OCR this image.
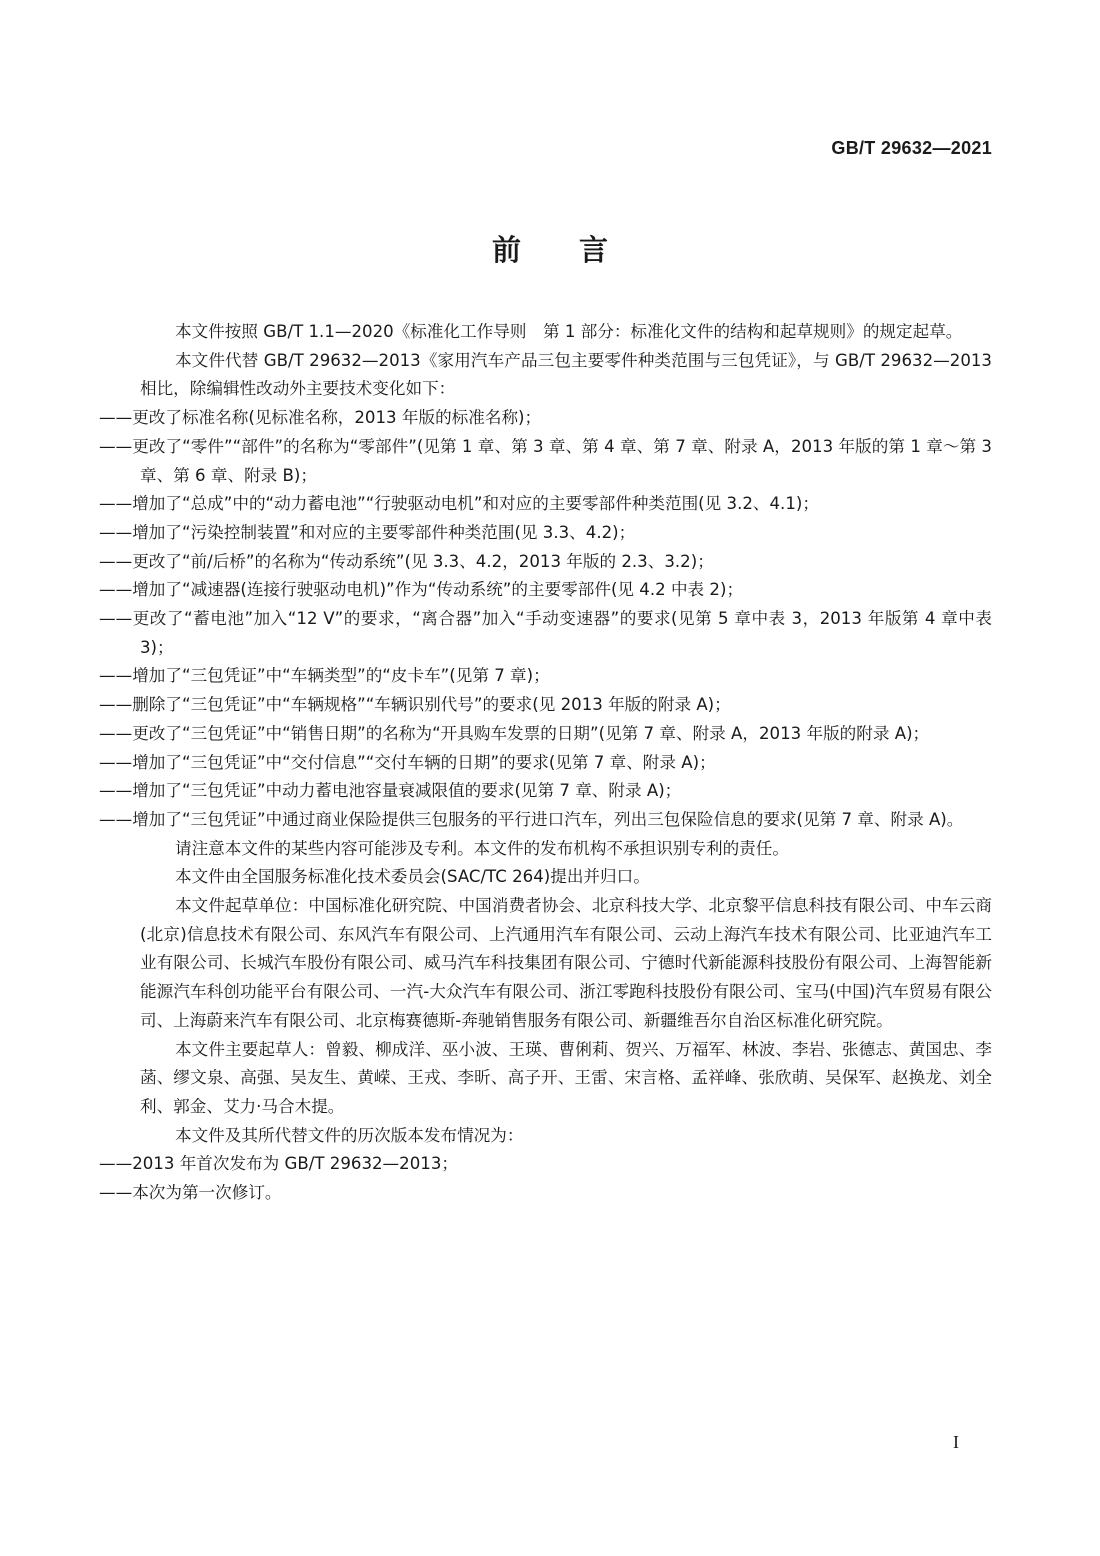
GB/T 29632—2021
前言

本文件按照 GB/T 1.1—2020《标准化工作导则　第 1 部分：标准化文件的结构和起草规则》的规定起草。

本文件代替 GB/T 29632—2013《家用汽车产品三包主要零件种类范围与三包凭证》，与 GB/T 29632—2013 相比，除编辑性改动外主要技术变化如下：

——更改了标准名称(见标准名称，2013 年版的标准名称)；

——更改了“零件”“部件”的名称为“零部件”(见第 1 章、第 3 章、第 4 章、第 7 章、附录 A，2013 年版的第 1 章～第 3 章、第 6 章、附录 B)；

——增加了“总成”中的“动力蓄电池”“行驶驱动电机”和对应的主要零部件种类范围(见 3.2、4.1)；

——增加了“污染控制装置”和对应的主要零部件种类范围(见 3.3、4.2)；

——更改了“前/后桥”的名称为“传动系统”(见 3.3、4.2，2013 年版的 2.3、3.2)；

——增加了“减速器(连接行驶驱动电机)”作为“传动系统”的主要零部件(见 4.2 中表 2)；

——更改了“蓄电池”加入“12 V”的要求，“离合器”加入“手动变速器”的要求(见第 5 章中表 3，2013 年版第 4 章中表 3)；

——增加了“三包凭证”中“车辆类型”的“皮卡车”(见第 7 章)；

——删除了“三包凭证”中“车辆规格”“车辆识别代号”的要求(见 2013 年版的附录 A)；

——更改了“三包凭证”中“销售日期”的名称为“开具购车发票的日期”(见第 7 章、附录 A，2013 年版的附录 A)；

——增加了“三包凭证”中“交付信息”“交付车辆的日期”的要求(见第 7 章、附录 A)；

——增加了“三包凭证”中动力蓄电池容量衰减限值的要求(见第 7 章、附录 A)；

——增加了“三包凭证”中通过商业保险提供三包服务的平行进口汽车，列出三包保险信息的要求(见第 7 章、附录 A)。

请注意本文件的某些内容可能涉及专利。本文件的发布机构不承担识别专利的责任。

本文件由全国服务标准化技术委员会(SAC/TC 264)提出并归口。

本文件起草单位：中国标准化研究院、中国消费者协会、北京科技大学、北京黎平信息科技有限公司、中车云商(北京)信息技术有限公司、东风汽车有限公司、上汽通用汽车有限公司、云动上海汽车技术有限公司、比亚迪汽车工业有限公司、长城汽车股份有限公司、威马汽车科技集团有限公司、宁德时代新能源科技股份有限公司、上海智能新能源汽车科创功能平台有限公司、一汽-大众汽车有限公司、浙江零跑科技股份有限公司、宝马(中国)汽车贸易有限公司、上海蔚来汽车有限公司、北京梅赛德斯-奔驰销售服务有限公司、新疆维吾尔自治区标准化研究院。

本文件主要起草人：曾毅、柳成洋、巫小波、王瑛、曹俐莉、贺兴、万福军、林波、李岩、张德志、黄国忠、李菡、缪文泉、高强、吴友生、黄嵘、王戎、李昕、高子开、王雷、宋言格、孟祥峰、张欣萌、吴保军、赵换龙、刘全利、郭金、艾力·马合木提。

本文件及其所代替文件的历次版本发布情况为：

——2013 年首次发布为 GB/T 29632—2013；

——本次为第一次修订。

I
